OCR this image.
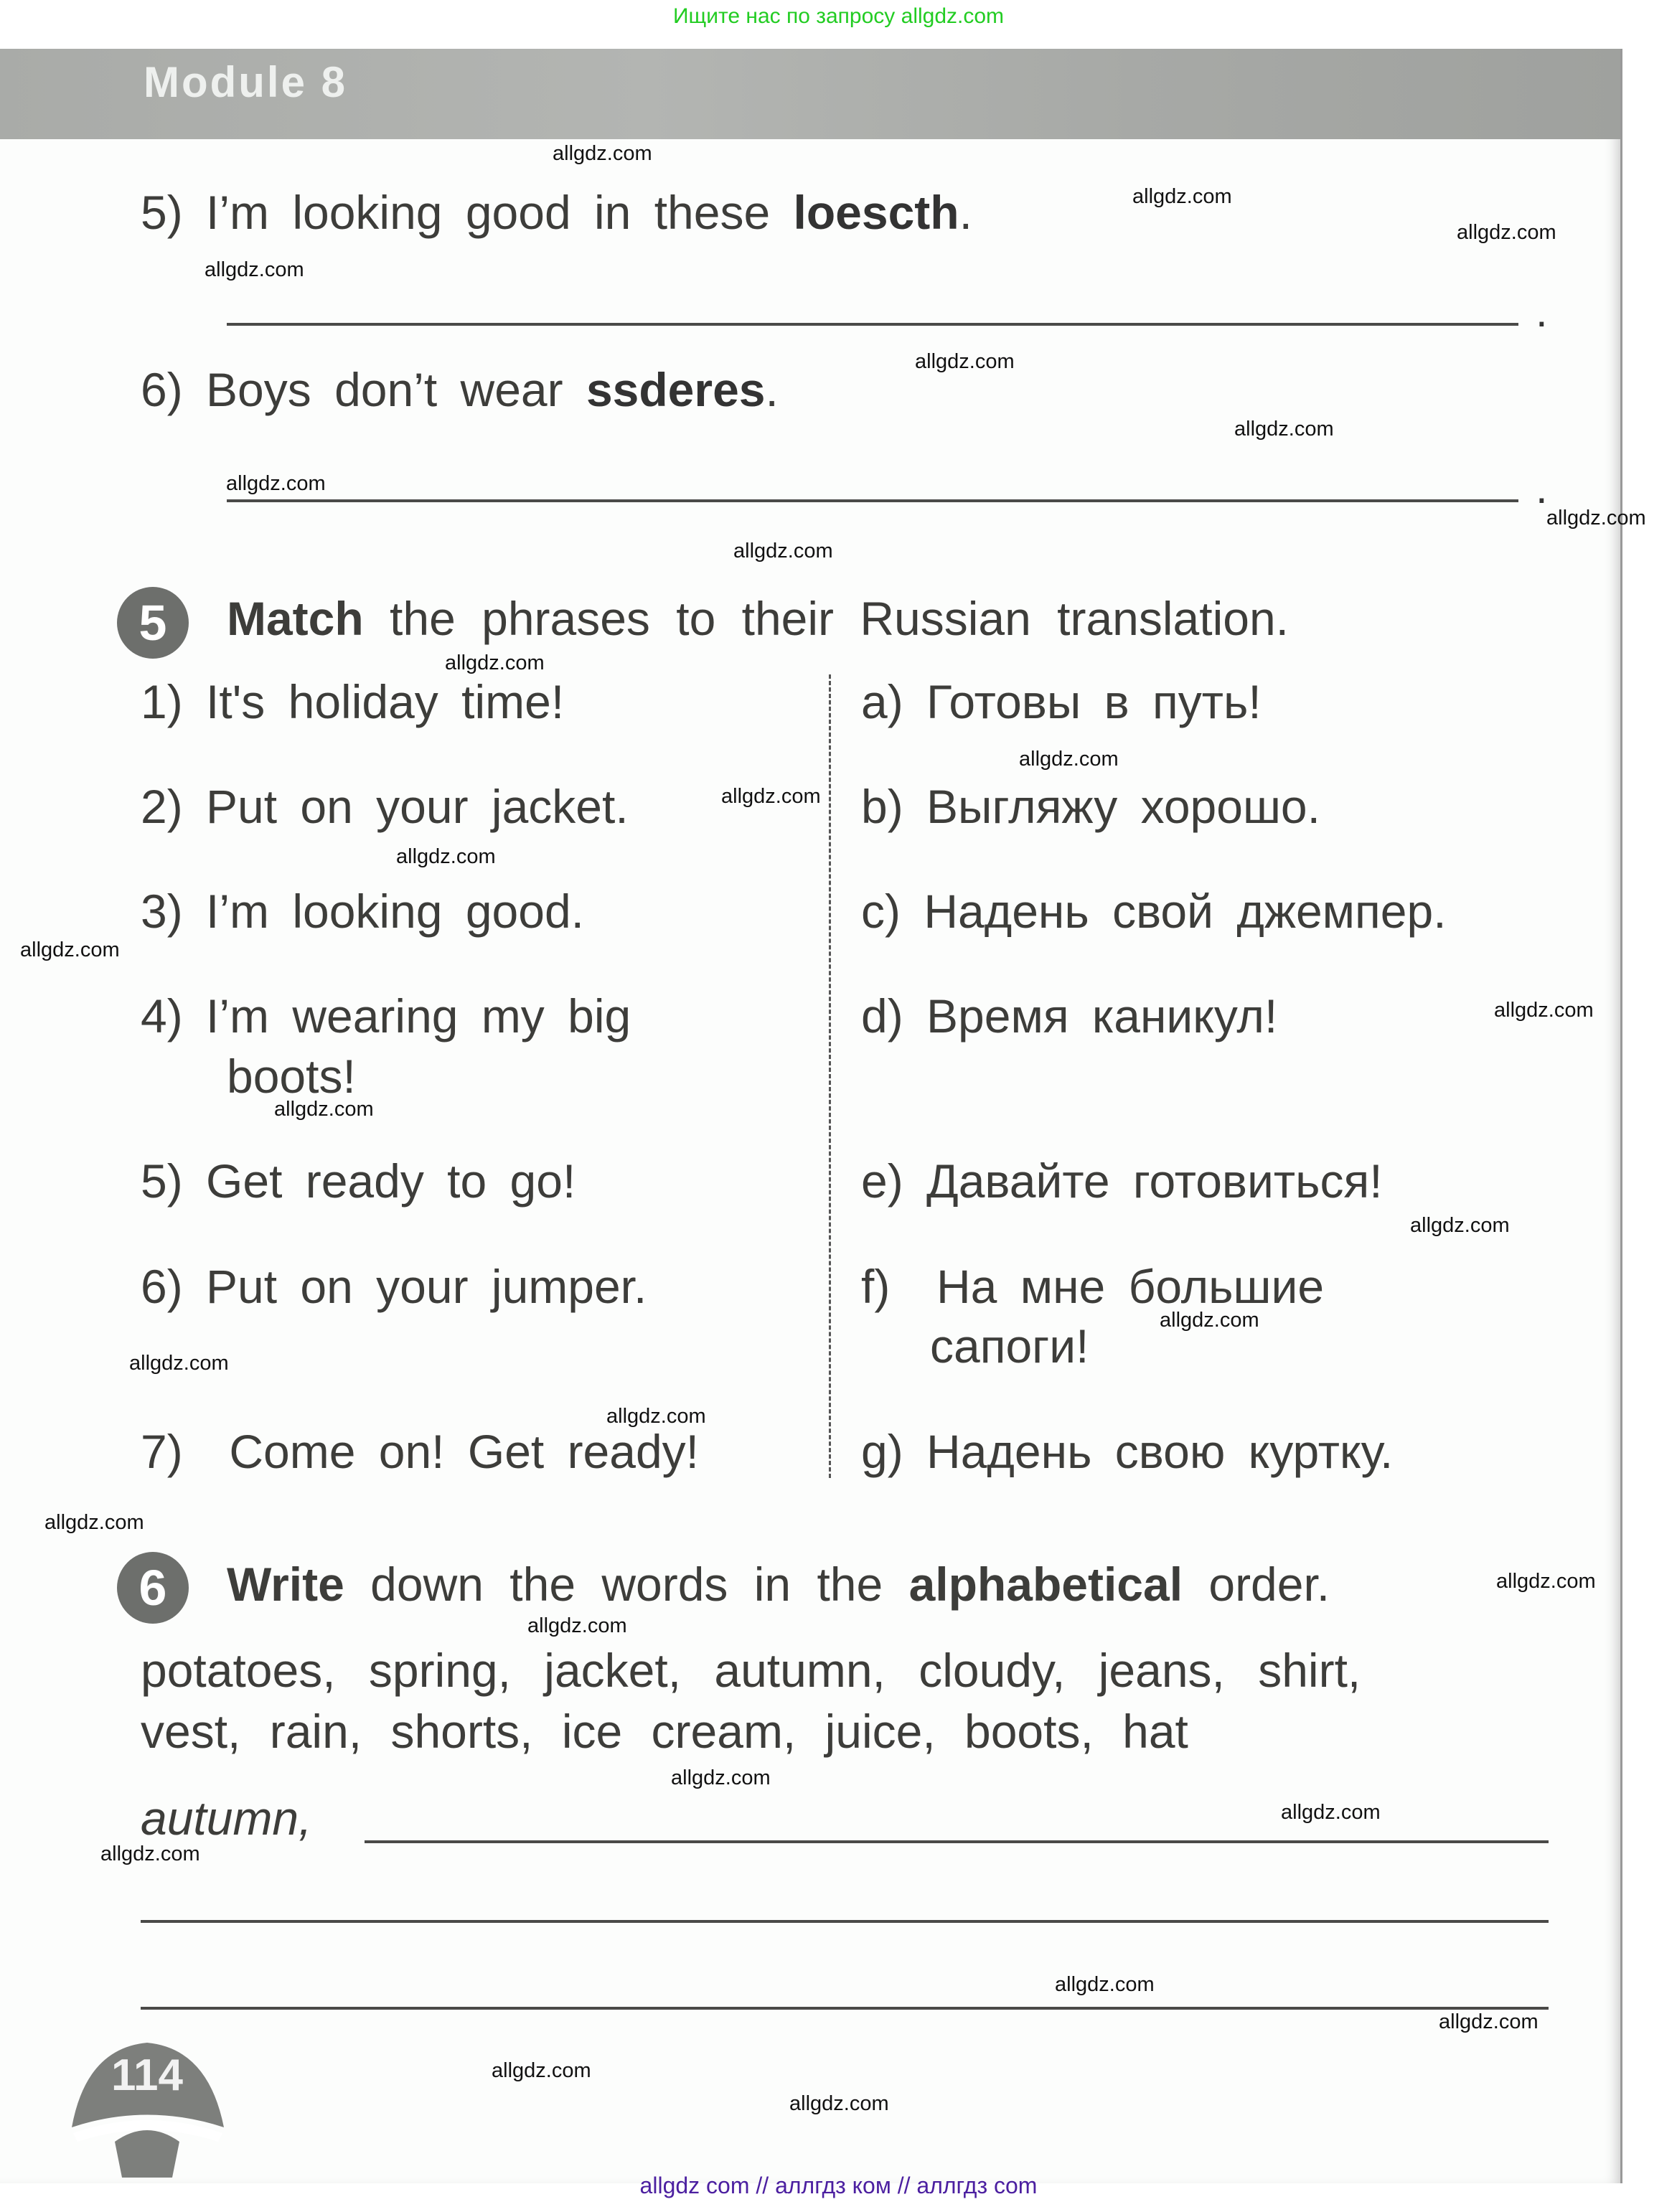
Ищите нас по запросу allgdz.com
Module 8
5) I’m looking good in these loescth.
.
6) Boys don’t wear ssderes.
.
5	Match the phrases to their Russian translation.
1) It's holiday time!
2) Put on your jacket.
3) I’m looking good.
4) I’m wearing my big
boots!
5) Get ready to go!
6) Put on your jumper.
7) Come on! Get ready!
a) Готовы в путь!
b) Выгляжу хорошо.
c) Надень свой джемпер.
d) Время каникул!
e) Давайте готовиться!
f) На мне большие
сапоги!
g) Надень свою куртку.
6	Write down the words in the alphabetical order.
potatoes, spring, jacket, autumn, cloudy, jeans, shirt,
vest, rain, shorts, ice cream, juice, boots, hat
autumn,
114
allgdz.com
allgdz.com
allgdz.com
allgdz.com
allgdz.com
allgdz.com
allgdz.com
allgdz.com
allgdz.com
allgdz.com
allgdz.com
allgdz.com
allgdz.com
allgdz.com
allgdz.com
allgdz.com
allgdz.com
allgdz.com
allgdz.com
allgdz.com
allgdz.com
allgdz.com
allgdz.com
allgdz.com
allgdz.com
allgdz.com
allgdz.com
allgdz.com
allgdz.com
allgdz.com
allgdz com // аллгдз ком // аллгдз com
